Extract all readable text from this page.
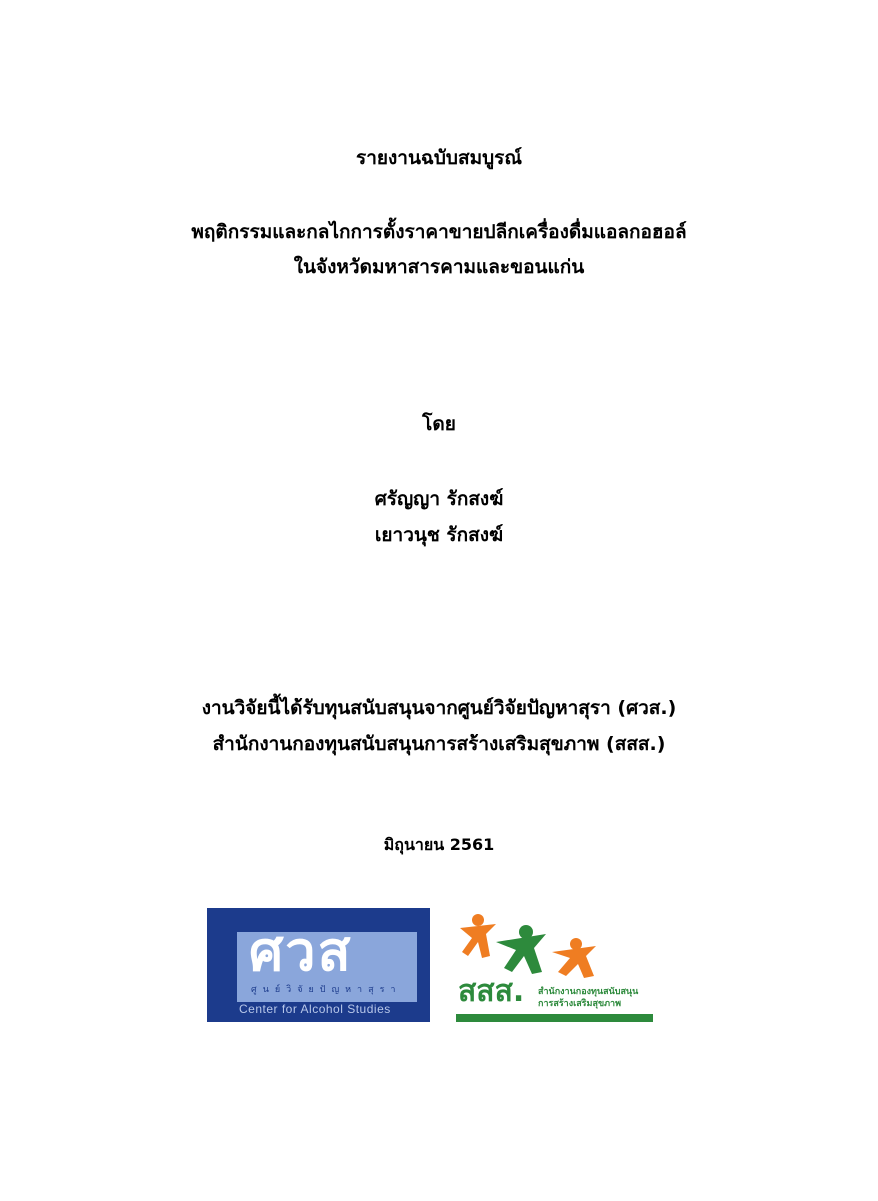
รายงานฉบับสมบูรณ์
พฤติกรรมและกลไกการตั้งราคาขายปลีกเครื่องดื่มแอลกอฮอล์
ในจังหวัดมหาสารคามและขอนแก่น
โดย
ศรัญญา รักสงฆ์
เยาวนุช รักสงฆ์
งานวิจัยนี้ได้รับทุนสนับสนุนจากศูนย์วิจัยปัญหาสุรา (ศวส.)
สำนักงานกองทุนสนับสนุนการสร้างเสริมสุขภาพ (สสส.)
มิถุนายน 2561
ศวส
ศูนย์วิจัยปัญหาสุรา
Center for Alcohol Studies สสส. สำนักงานกองทุนสนับสนุน
การสร้างเสริมสุขภาพ
